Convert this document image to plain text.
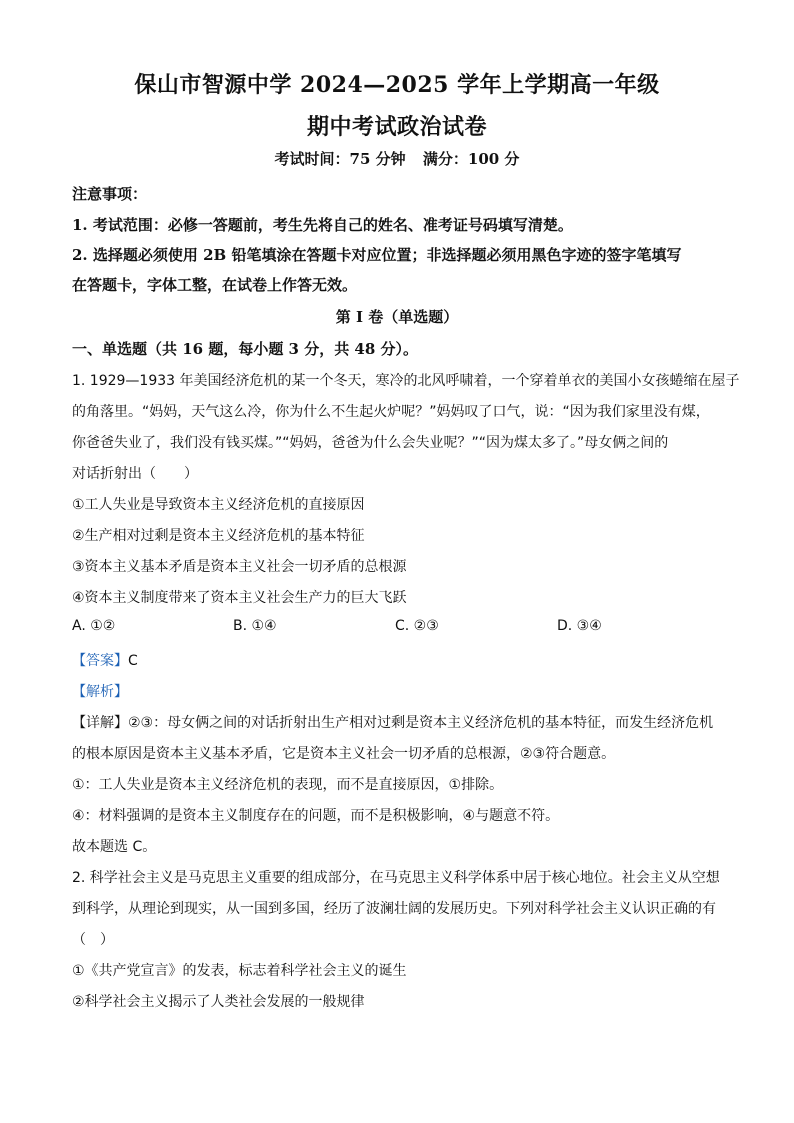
保山市智源中学 2024—2025 学年上学期高一年级
期中考试政治试卷
考试时间：75 分钟 满分：100 分
注意事项：
1. 考试范围：必修一答题前，考生先将自己的姓名、准考证号码填写清楚。
2. 选择题必须使用 2B 铅笔填涂在答题卡对应位置；非选择题必须用黑色字迹的签字笔填写
在答题卡，字体工整，在试卷上作答无效。
第 I 卷（单选题）
一、单选题（共 16 题，每小题 3 分，共 48 分）。
1. 1929—1933 年美国经济危机的某一个冬天，寒冷的北风呼啸着，一个穿着单衣的美国小女孩蜷缩在屋子
的角落里。“妈妈，天气这么冷，你为什么不生起火炉呢？”妈妈叹了口气，说：“因为我们家里没有煤，
你爸爸失业了，我们没有钱买煤。”“妈妈，爸爸为什么会失业呢？”“因为煤太多了。”母女俩之间的
对话折射出（　　）
①工人失业是导致资本主义经济危机的直接原因
②生产相对过剩是资本主义经济危机的基本特征
③资本主义基本矛盾是资本主义社会一切矛盾的总根源
④资本主义制度带来了资本主义社会生产力的巨大飞跃
A. ①②	B. ①④	C. ②③	D. ③④
【答案】C
【解析】
【详解】②③：母女俩之间的对话折射出生产相对过剩是资本主义经济危机的基本特征，而发生经济危机
的根本原因是资本主义基本矛盾，它是资本主义社会一切矛盾的总根源，②③符合题意。
①：工人失业是资本主义经济危机的表现，而不是直接原因，①排除。
④：材料强调的是资本主义制度存在的问题，而不是积极影响，④与题意不符。
故本题选 C。
2. 科学社会主义是马克思主义重要的组成部分，在马克思主义科学体系中居于核心地位。社会主义从空想
到科学，从理论到现实，从一国到多国，经历了波澜壮阔的发展历史。下列对科学社会主义认识正确的有
（　）
①《共产党宣言》的发表，标志着科学社会主义的诞生
②科学社会主义揭示了人类社会发展的一般规律
